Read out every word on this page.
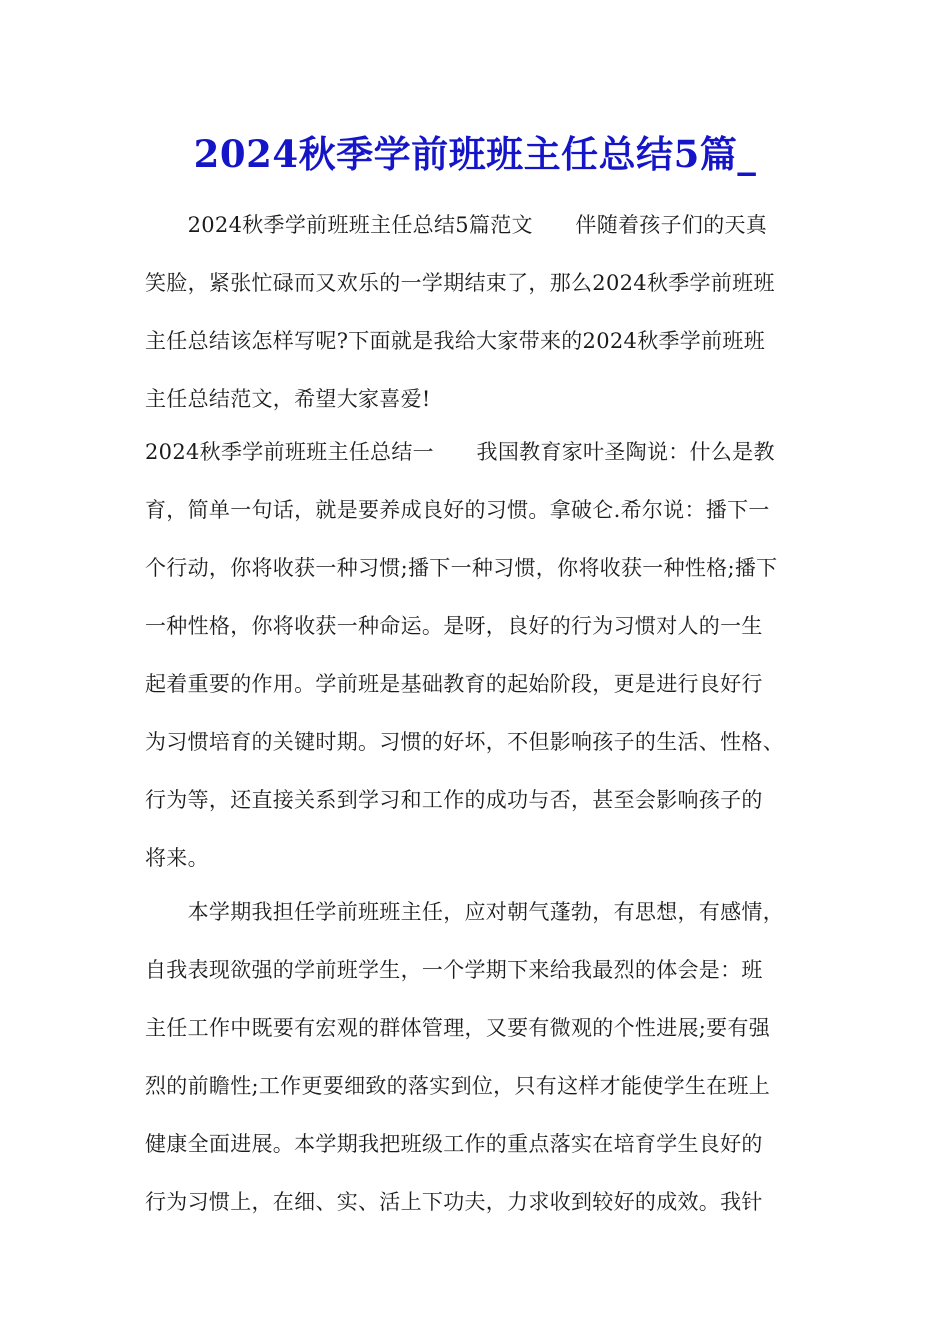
2024秋季学前班班主任总结5篇_
　　2024秋季学前班班主任总结5篇范文　　伴随着孩子们的天真
笑脸，紧张忙碌而又欢乐的一学期结束了，那么2024秋季学前班班
主任总结该怎样写呢?下面就是我给大家带来的2024秋季学前班班
主任总结范文，希望大家喜爱!
2024秋季学前班班主任总结一　　我国教育家叶圣陶说：什么是教
育，简单一句话，就是要养成良好的习惯。拿破仑.希尔说：播下一
个行动，你将收获一种习惯;播下一种习惯，你将收获一种性格;播下
一种性格，你将收获一种命运。是呀，良好的行为习惯对人的一生
起着重要的作用。学前班是基础教育的起始阶段，更是进行良好行
为习惯培育的关键时期。习惯的好坏，不但影响孩子的生活、性格、
行为等，还直接关系到学习和工作的成功与否，甚至会影响孩子的
将来。
　　本学期我担任学前班班主任，应对朝气蓬勃，有思想，有感情，
自我表现欲强的学前班学生，一个学期下来给我最烈的体会是：班
主任工作中既要有宏观的群体管理，又要有微观的个性进展;要有强
烈的前瞻性;工作更要细致的落实到位，只有这样才能使学生在班上
健康全面进展。本学期我把班级工作的重点落实在培育学生良好的
行为习惯上，在细、实、活上下功夫，力求收到较好的成效。我针
